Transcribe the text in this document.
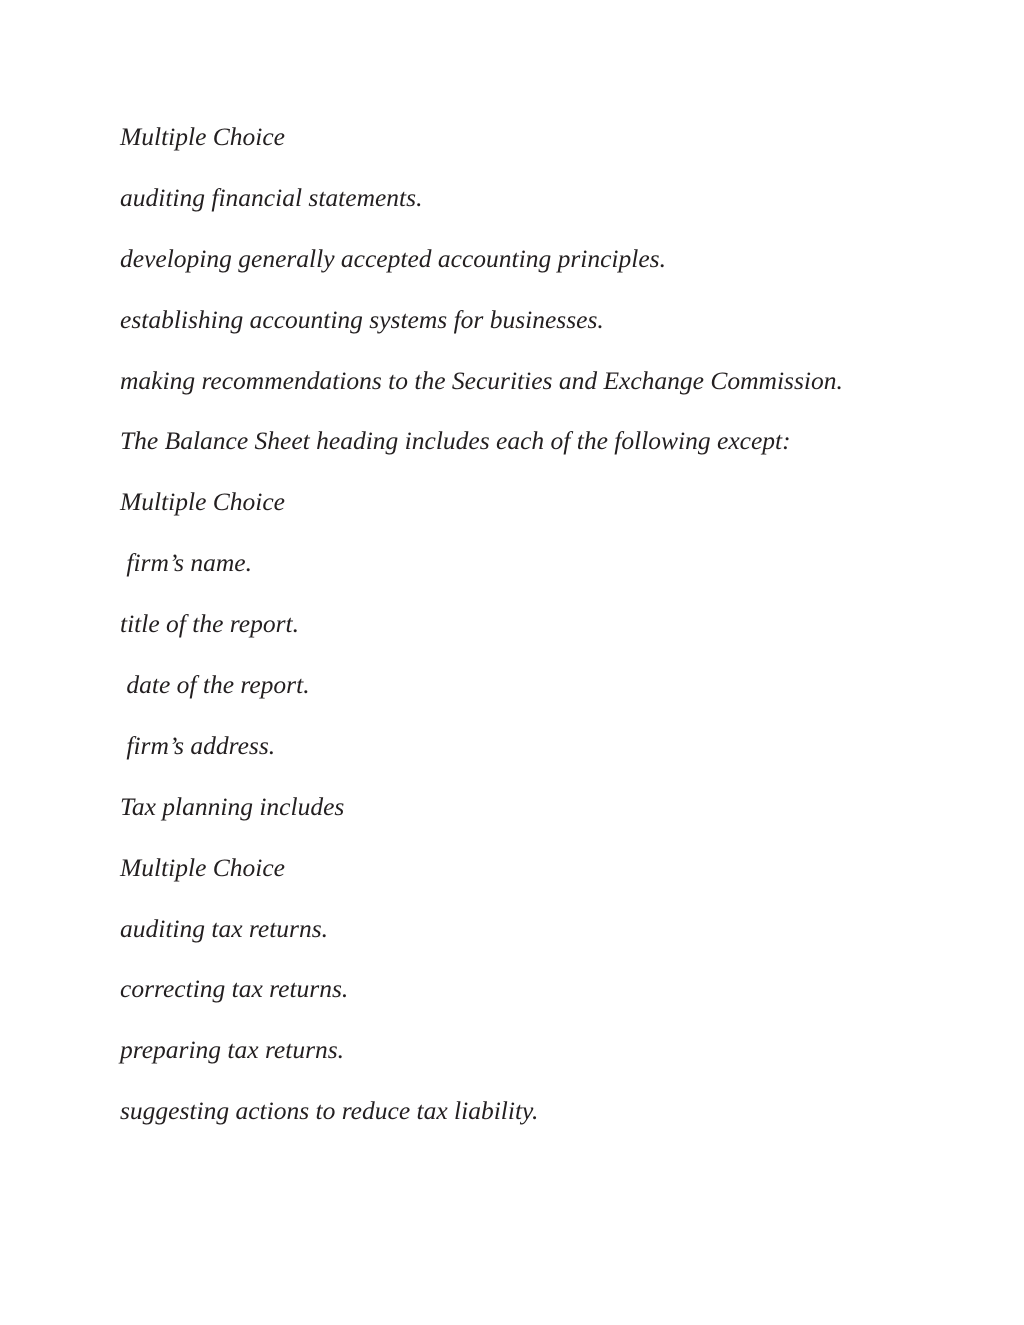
Multiple Choice
auditing financial statements.
developing generally accepted accounting principles.
establishing accounting systems for businesses.
making recommendations to the Securities and Exchange Commission.
The Balance Sheet heading includes each of the following except:
Multiple Choice
firm’s name.
title of the report.
date of the report.
firm’s address.
Tax planning includes
Multiple Choice
auditing tax returns.
correcting tax returns.
preparing tax returns.
suggesting actions to reduce tax liability.
